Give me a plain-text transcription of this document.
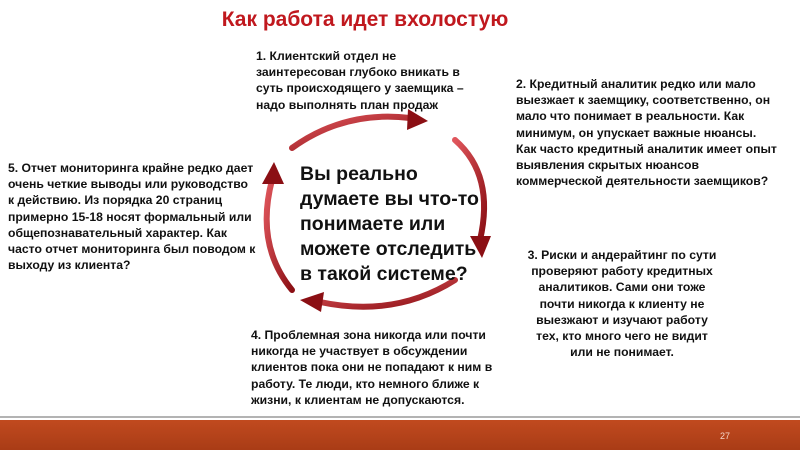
Как работа идет вхолостую

1. Клиентский отдел не заинтересован глубоко вникать в суть происходящего у заемщика – надо выполнять план продаж

2. Кредитный аналитик редко или мало выезжает к заемщику, соответственно, он мало что понимает в реальности. Как минимум, он упускает важные нюансы. Как часто кредитный аналитик имеет опыт выявления скрытых нюансов коммерческой деятельности заемщиков?

3. Риски и андерайтинг по сути проверяют работу кредитных аналитиков. Сами они тоже почти никогда к клиенту не выезжают и изучают работу тех, кто много чего не видит или не понимает.

4. Проблемная зона никогда или почти никогда не участвует в обсуждении клиентов пока они не попадают к ним в работу. Те люди, кто немного ближе к жизни, к клиентам не допускаются.

5. Отчет мониторинга крайне редко дает очень четкие выводы или руководство к действию. Из порядка 20 страниц примерно 15-18 носят формальный или общепознавательный характер. Как часто отчет мониторинга был поводом к выходу из клиента?

Вы реально думаете вы что-то понимаете или можете отследить в такой системе?

27
